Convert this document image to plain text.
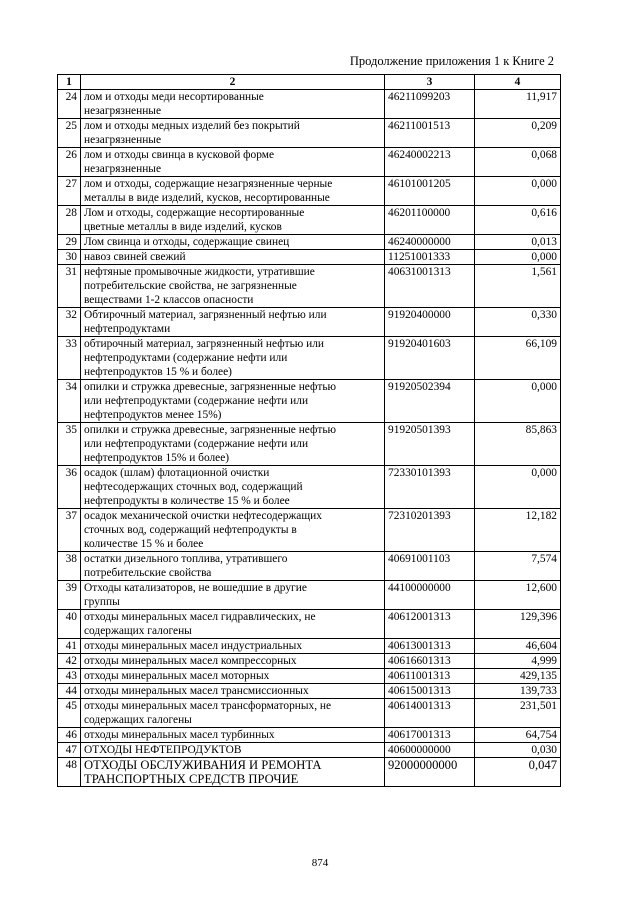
Продолжение приложения 1 к Книге 2
1	2	3	4
24	лом и отходы меди несортированные
незагрязненные	46211099203	11,917
25	лом и отходы медных изделий без покрытий
незагрязненные	46211001513	0,209
26	лом и отходы свинца в кусковой форме
незагрязненные	46240002213	0,068
27	лом и отходы, содержащие незагрязненные черные
металлы в виде изделий, кусков, несортированные	46101001205	0,000
28	Лом и отходы, содержащие несортированные
цветные металлы в виде изделий, кусков	46201100000	0,616
29	Лом свинца и отходы, содержащие свинец	46240000000	0,013
30	навоз свиней свежий	11251001333	0,000
31	нефтяные промывочные жидкости, утратившие
потребительские свойства, не загрязненные
веществами 1-2 классов опасности	40631001313	1,561
32	Обтирочный материал, загрязненный нефтью или
нефтепродуктами	91920400000	0,330
33	обтирочный материал, загрязненный нефтью или
нефтепродуктами (содержание нефти или
нефтепродуктов 15 % и более)	91920401603	66,109
34	опилки и стружка древесные, загрязненные нефтью
или нефтепродуктами (содержание нефти или
нефтепродуктов менее 15%)	91920502394	0,000
35	опилки и стружка древесные, загрязненные нефтью
или нефтепродуктами (содержание нефти или
нефтепродуктов 15% и более)	91920501393	85,863
36	осадок (шлам) флотационной очистки
нефтесодержащих сточных вод, содержащий
нефтепродукты в количестве 15 % и более	72330101393	0,000
37	осадок механической очистки нефтесодержащих
сточных вод, содержащий нефтепродукты в
количестве 15 % и более	72310201393	12,182
38	остатки дизельного топлива, утратившего
потребительские свойства	40691001103	7,574
39	Отходы катализаторов, не вошедшие в другие
группы	44100000000	12,600
40	отходы минеральных масел гидравлических, не
содержащих галогены	40612001313	129,396
41	отходы минеральных масел индустриальных	40613001313	46,604
42	отходы минеральных масел компрессорных	40616601313	4,999
43	отходы минеральных масел моторных	40611001313	429,135
44	отходы минеральных масел трансмиссионных	40615001313	139,733
45	отходы минеральных масел трансформаторных, не
содержащих галогены	40614001313	231,501
46	отходы минеральных масел турбинных	40617001313	64,754
47	ОТХОДЫ НЕФТЕПРОДУКТОВ	40600000000	0,030
48	ОТХОДЫ ОБСЛУЖИВАНИЯ И РЕМОНТА
ТРАНСПОРТНЫХ СРЕДСТВ ПРОЧИЕ	92000000000	0,047
874
